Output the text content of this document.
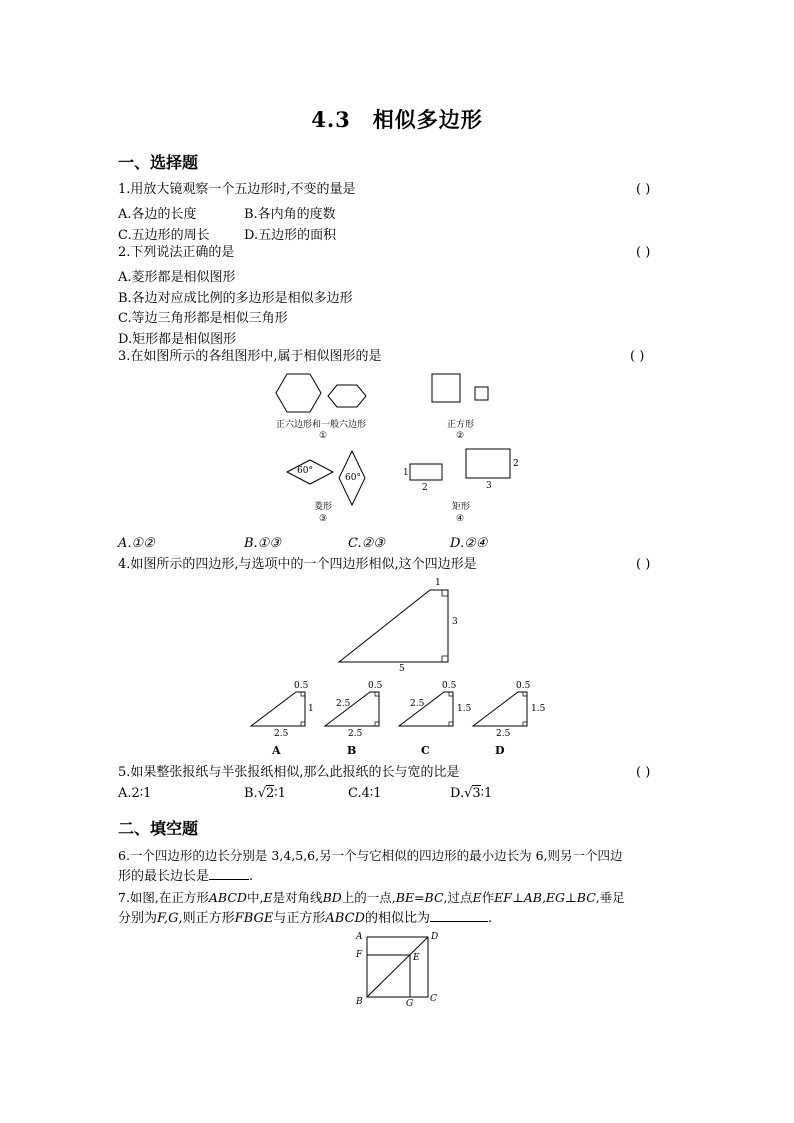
4.3 相似多边形
一、选择题
1.用放大镜观察一个五边形时,不变的量是	( )
A.各边的长度	B.各内角的度数
C.五边形的周长	D.五边形的面积
2.下列说法正确的是	( )
A.菱形都是相似图形
B.各边对应成比例的多边形是相似多边形
C.等边三角形都是相似三角形
D.矩形都是相似图形
3.在如图所示的各组图形中,属于相似图形的是	( )
正六边形和一般六边形
①
正方形
②
60°
60°	1
2
2
3
菱形
③
矩形
④
A.①②	B.①③	C.②③	D.②④
4.如图所示的四边形,与选项中的一个四边形相似,这个四边形是	( )
1
3
5
0.5
1
2.5
A
0.5
2.5
2.5
B
0.5
2.5	1.5
C
0.5
1.5
2.5
D
5.如果整张报纸与半张报纸相似,那么此报纸的长与宽的比是	( )
A.2∶1	B.√2∶1	C.4∶1	D.√3∶1
二、填空题
6.一个四边形的边长分别是 3,4,5,6,另一个与它相似的四边形的最小边长为 6,则另一个四边
形的最长边长是	.
7.如图,在正方形ABCD中,E是对角线BD上的一点,BE=BC,过点E作EF⊥AB,EG⊥BC,垂足
分别为F,G,则正方形FBGE与正方形ABCD的相似比为	.
A	D
F	E
B	G C
